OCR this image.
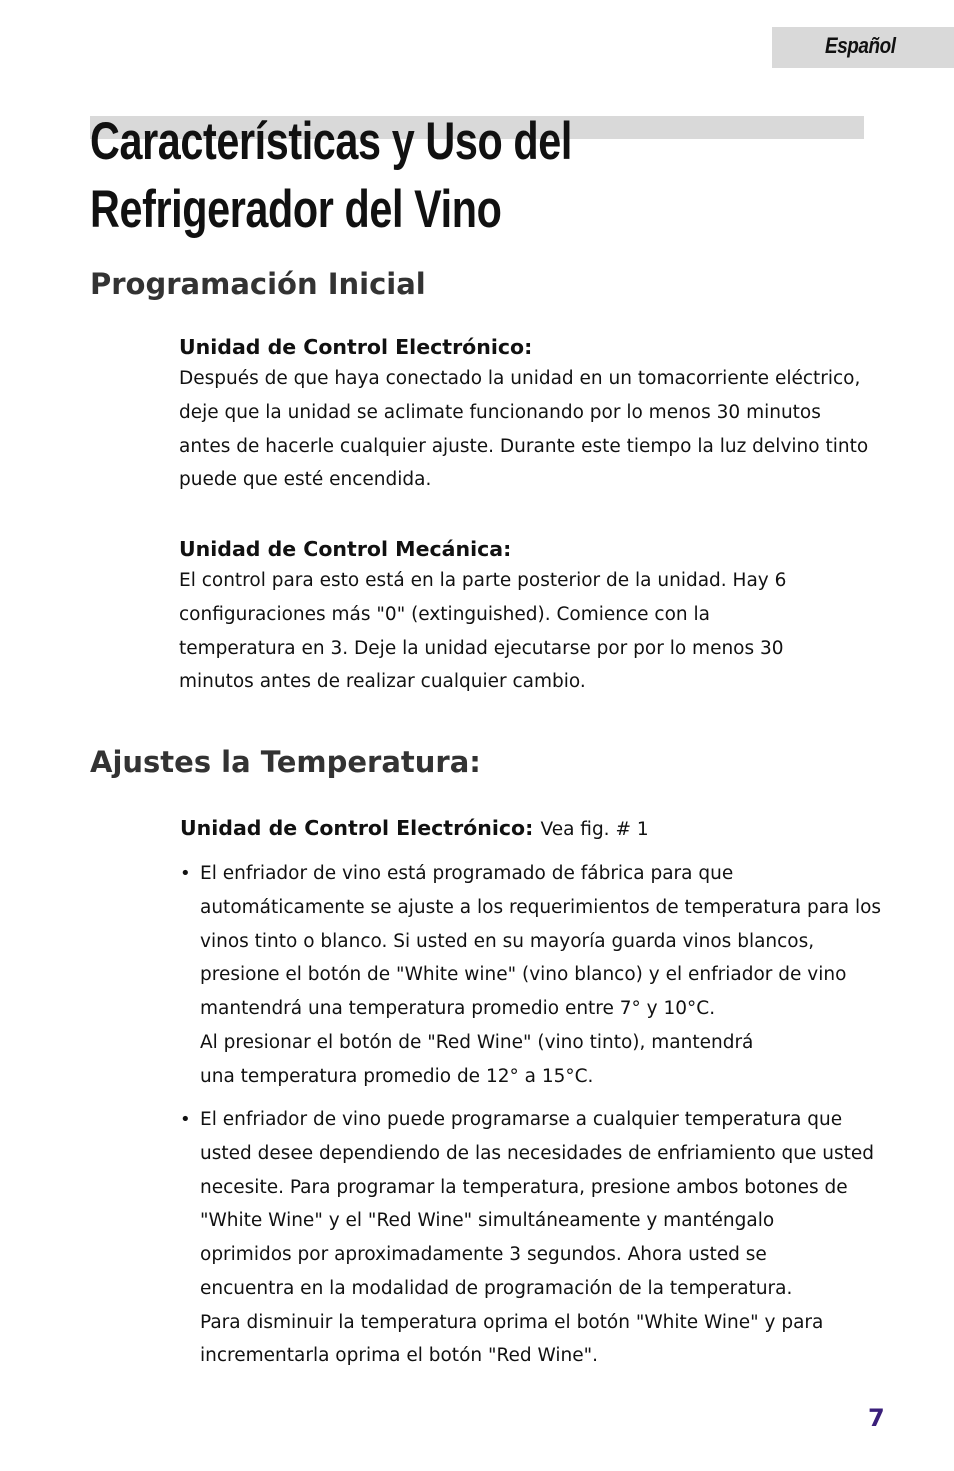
Español
Características y Uso del
Refrigerador del Vino
Programación Inicial
Unidad de Control Electrónico:
Después de que haya conectado la unidad en un tomacorriente eléctrico,
deje que la unidad se aclimate funcionando por lo menos 30 minutos
antes de hacerle cualquier ajuste. Durante este tiempo la luz delvino tinto
puede que esté encendida.
Unidad de Control Mecánica:
El control para esto está en la parte posterior de la unidad. Hay 6
configuraciones más "0" (extinguished). Comience con la
temperatura en 3. Deje la unidad ejecutarse por por lo menos 30
minutos antes de realizar cualquier cambio.
Ajustes la Temperatura:
Unidad de Control Electrónico: Vea fig. # 1
• El enfriador de vino está programado de fábrica para que
automáticamente se ajuste a los requerimientos de temperatura para los
vinos tinto o blanco. Si usted en su mayoría guarda vinos blancos,
presione el botón de "White wine" (vino blanco) y el enfriador de vino
mantendrá una temperatura promedio entre 7° y 10°C.
Al presionar el botón de "Red Wine" (vino tinto), mantendrá
una temperatura promedio de 12° a 15°C.
• El enfriador de vino puede programarse a cualquier temperatura que
usted desee dependiendo de las necesidades de enfriamiento que usted
necesite. Para programar la temperatura, presione ambos botones de
"White Wine" y el "Red Wine" simultáneamente y manténgalo
oprimidos por aproximadamente 3 segundos. Ahora usted se
encuentra en la modalidad de programación de la temperatura.
Para disminuir la temperatura oprima el botón "White Wine" y para
incrementarla oprima el botón "Red Wine".
7
